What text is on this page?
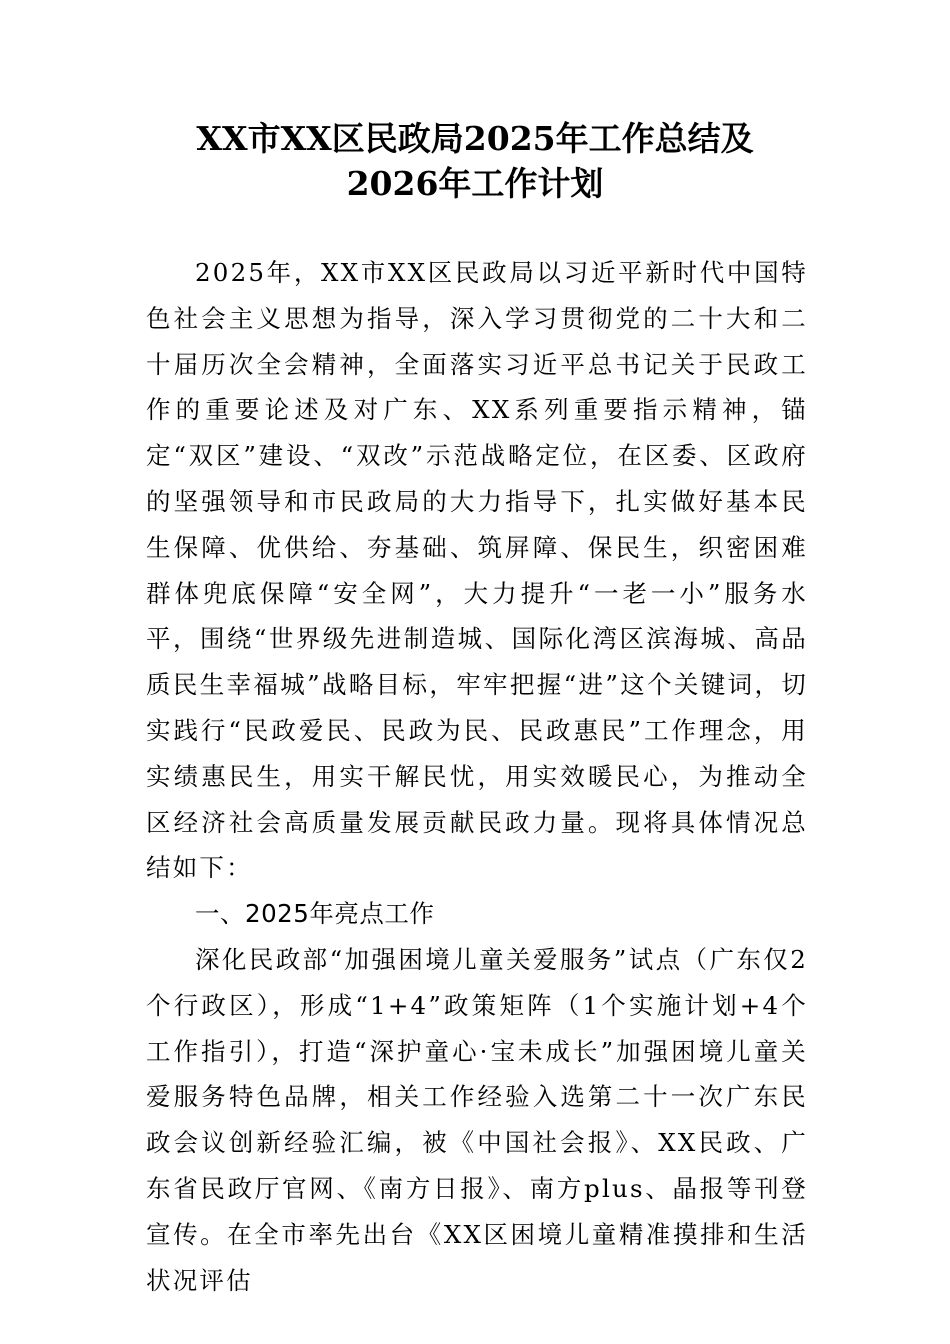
XX市XX区民政局2025年工作总结及
2026年工作计划

2025年，XX市XX区民政局以习近平新时代中国特色社会主义思想为指导，深入学习贯彻党的二十大和二十届历次全会精神，全面落实习近平总书记关于民政工作的重要论述及对广东、XX系列重要指示精神，锚定“双区”建设、“双改”示范战略定位，在区委、区政府的坚强领导和市民政局的大力指导下，扎实做好基本民生保障、优供给、夯基础、筑屏障、保民生，织密困难群体兜底保障“安全网”，大力提升“一老一小”服务水平，围绕“世界级先进制造城、国际化湾区滨海城、高品质民生幸福城”战略目标，牢牢把握“进”这个关键词，切实践行“民政爱民、民政为民、民政惠民”工作理念，用实绩惠民生，用实干解民忧，用实效暖民心，为推动全区经济社会高质量发展贡献民政力量。现将具体情况总结如下：

一、2025年亮点工作

深化民政部“加强困境儿童关爱服务”试点（广东仅2个行政区），形成“1+4”政策矩阵（1个实施计划+4个工作指引），打造“深护童心·宝未成长”加强困境儿童关爱服务特色品牌，相关工作经验入选第二十一次广东民政会议创新经验汇编，被《中国社会报》、XX民政、广东省民政厅官网、《南方日报》、南方plus、晶报等刊登宣传。在全市率先出台《XX区困境儿童精准摸排和生活状况评估
